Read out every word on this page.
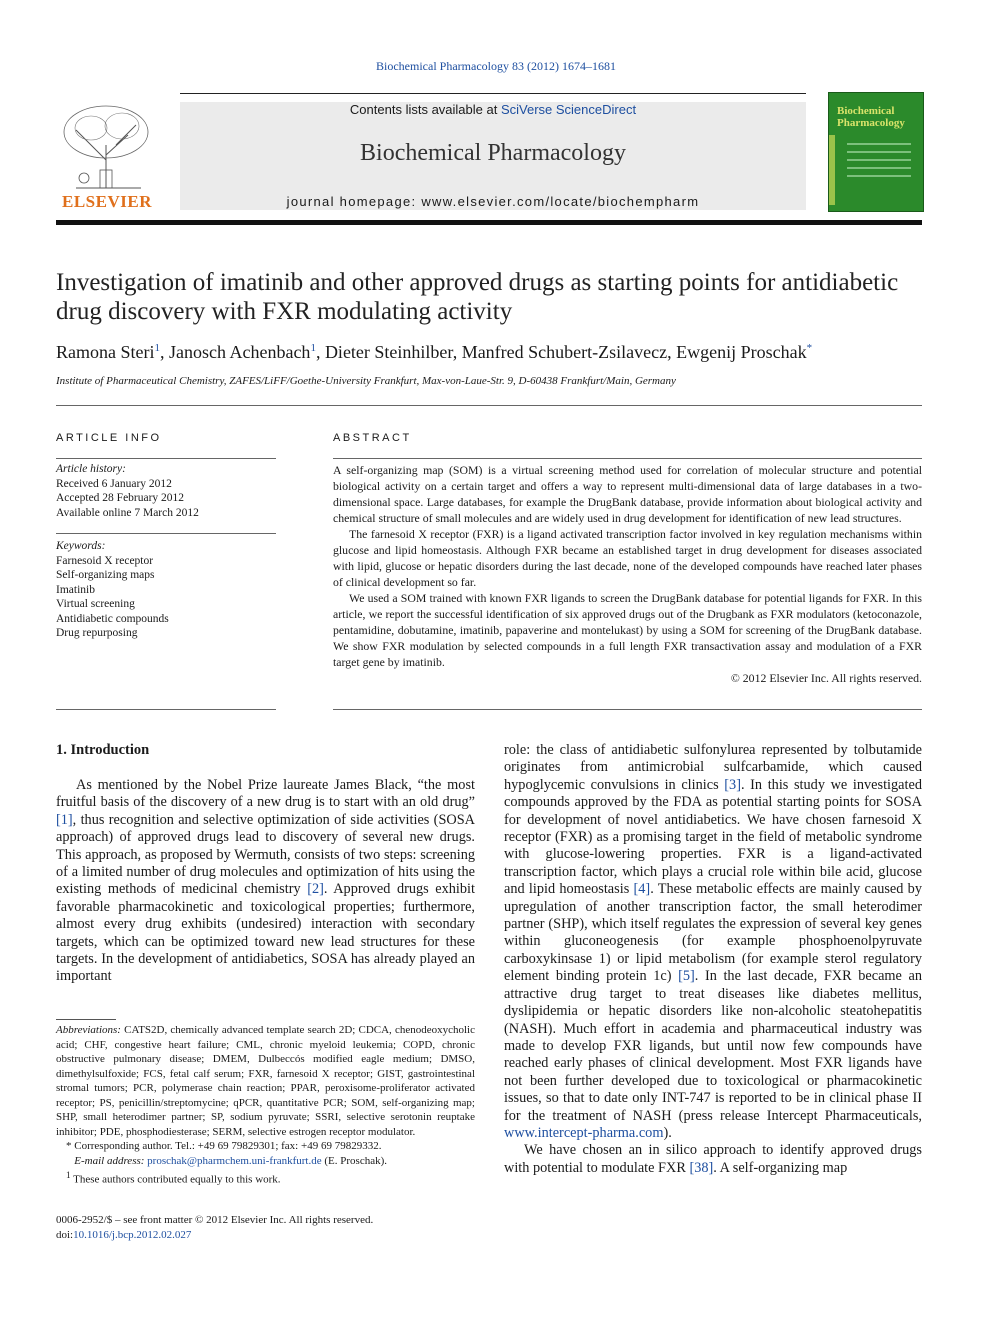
Biochemical Pharmacology 83 (2012) 1674–1681
ELSEVIER
Contents lists available at SciVerse ScienceDirect
Biochemical Pharmacology
journal homepage: www.elsevier.com/locate/biochempharm
Biochemical Pharmacology
Investigation of imatinib and other approved drugs as starting points for antidiabetic drug discovery with FXR modulating activity
Ramona Steri$^1$, Janosch Achenbach$^1$, Dieter Steinhilber, Manfred Schubert-Zsilavecz, Ewgenij Proschak*
Institute of Pharmaceutical Chemistry, ZAFES/LiFF/Goethe-University Frankfurt, Max-von-Laue-Str. 9, D-60438 Frankfurt/Main, Germany
ARTICLE INFO
Article history:
Received 6 January 2012
Accepted 28 February 2012
Available online 7 March 2012
Keywords:
Farnesoid X receptor
Self-organizing maps
Imatinib
Virtual screening
Antidiabetic compounds
Drug repurposing
ABSTRACT

A self-organizing map (SOM) is a virtual screening method used for correlation of molecular structure and potential biological activity on a certain target and offers a way to represent multi-dimensional data of large databases in a two-dimensional space. Large databases, for example the DrugBank database, provide information about biological activity and chemical structure of small molecules and are widely used in drug development for identification of new lead structures.

The farnesoid X receptor (FXR) is a ligand activated transcription factor involved in key regulation mechanisms within glucose and lipid homeostasis. Although FXR became an established target in drug development for diseases associated with lipid, glucose or hepatic disorders during the last decade, none of the developed compounds have reached later phases of clinical development so far.

We used a SOM trained with known FXR ligands to screen the DrugBank database for potential ligands for FXR. In this article, we report the successful identification of six approved drugs out of the Drugbank as FXR modulators (ketoconazole, pentamidine, dobutamine, imatinib, papaverine and montelukast) by using a SOM for screening of the DrugBank database. We show FXR modulation by selected compounds in a full length FXR transactivation assay and modulation of a FXR target gene by imatinib.

© 2012 Elsevier Inc. All rights reserved.
1. Introduction

As mentioned by the Nobel Prize laureate James Black, “the most fruitful basis of the discovery of a new drug is to start with an old drug” [1], thus recognition and selective optimization of side activities (SOSA approach) of approved drugs lead to discovery of several new drugs. This approach, as proposed by Wermuth, consists of two steps: screening of a limited number of drug molecules and optimization of hits using the existing methods of medicinal chemistry [2]. Approved drugs exhibit favorable pharmacokinetic and toxicological properties; furthermore, almost every drug exhibits (undesired) interaction with secondary targets, which can be optimized toward new lead structures for these targets. In the development of antidiabetics, SOSA has already played an important

role: the class of antidiabetic sulfonylurea represented by tolbutamide originates from antimicrobial sulfcarbamide, which caused hypoglycemic convulsions in clinics [3]. In this study we investigated compounds approved by the FDA as potential starting points for SOSA for development of novel antidiabetics. We have chosen farnesoid X receptor (FXR) as a promising target in the field of metabolic syndrome with glucose-lowering properties. FXR is a ligand-activated transcription factor, which plays a crucial role within bile acid, glucose and lipid homeostasis [4]. These metabolic effects are mainly caused by upregulation of another transcription factor, the small heterodimer partner (SHP), which itself regulates the expression of several key genes within gluconeogenesis (for example phosphoenolpyruvate carboxykinsase 1) or lipid metabolism (for example sterol regulatory element binding protein 1c) [5]. In the last decade, FXR became an attractive drug target to treat diseases like diabetes mellitus, dyslipidemia or hepatic disorders like non-alcoholic steatohepatitis (NASH). Much effort in academia and pharmaceutical industry was made to develop FXR ligands, but until now few compounds have reached early phases of clinical development. Most FXR ligands have not been further developed due to toxicological or pharmacokinetic issues, so that to date only INT-747 is reported to be in clinical phase II for the treatment of NASH (press release Intercept Pharmaceuticals, www.intercept-pharma.com).

We have chosen an in silico approach to identify approved drugs with potential to modulate FXR [38]. A self-organizing map

Abbreviations: CATS2D, chemically advanced template search 2D; CDCA, chenodeoxycholic acid; CHF, congestive heart failure; CML, chronic myeloid leukemia; COPD, chronic obstructive pulmonary disease; DMEM, Dulbeccós modified eagle medium; DMSO, dimethylsulfoxide; FCS, fetal calf serum; FXR, farnesoid X receptor; GIST, gastrointestinal stromal tumors; PCR, polymerase chain reaction; PPAR, peroxisome-proliferator activated receptor; PS, penicillin/streptomycine; qPCR, quantitative PCR; SOM, self-organizing map; SHP, small heterodimer partner; SP, sodium pyruvate; SSRI, selective serotonin reuptake inhibitor; PDE, phosphodiesterase; SERM, selective estrogen receptor modulator.

* Corresponding author. Tel.: +49 69 79829301; fax: +49 69 79829332.

E-mail address: proschak@pharmchem.uni-frankfurt.de (E. Proschak).

$^1$ These authors contributed equally to this work.

0006-2952/$ – see front matter © 2012 Elsevier Inc. All rights reserved.
doi:10.1016/j.bcp.2012.02.027
